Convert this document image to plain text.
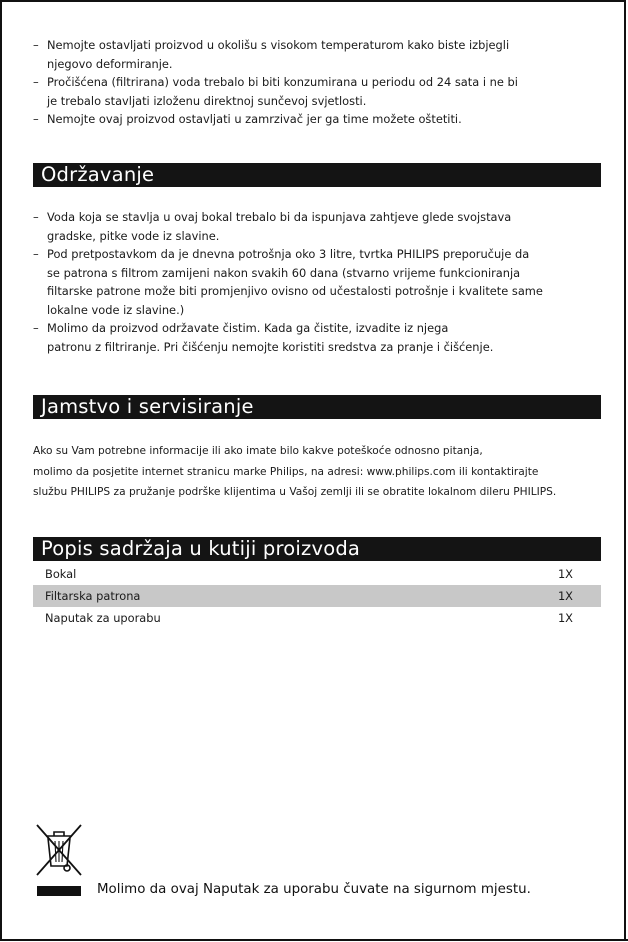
– Nemojte ostavljati proizvod u okolišu s visokom temperaturom kako biste izbjegli
njegovo deformiranje.
– Pročišćena (filtrirana) voda trebalo bi biti konzumirana u periodu od 24 sata i ne bi
je trebalo stavljati izloženu direktnoj sunčevoj svjetlosti.
– Nemojte ovaj proizvod ostavljati u zamrzivač jer ga time možete oštetiti.
Održavanje
– Voda koja se stavlja u ovaj bokal trebalo bi da ispunjava zahtjeve glede svojstava
gradske, pitke vode iz slavine.
– Pod pretpostavkom da je dnevna potrošnja oko 3 litre, tvrtka PHILIPS preporučuje da
se patrona s filtrom zamijeni nakon svakih 60 dana (stvarno vrijeme funkcioniranja
filtarske patrone može biti promjenjivo ovisno od učestalosti potrošnje i kvalitete same
lokalne vode iz slavine.)
– Molimo da proizvod održavate čistim. Kada ga čistite, izvadite iz njega
patronu z filtriranje. Pri čišćenju nemojte koristiti sredstva za pranje i čišćenje.
Jamstvo i servisiranje

Ako su Vam potrebne informacije ili ako imate bilo kakve poteškoće odnosno pitanja,

molimo da posjetite internet stranicu marke Philips, na adresi: www.philips.com ili kontaktirajte

službu PHILIPS za pružanje podrške klijentima u Vašoj zemlji ili se obratite lokalnom dileru PHILIPS.

Popis sadržaja u kutiji proizvoda
Bokal	1X
Filtarska patrona	1X
Naputak za uporabu	1X
Molimo da ovaj Naputak za uporabu čuvate na sigurnom mjestu.
